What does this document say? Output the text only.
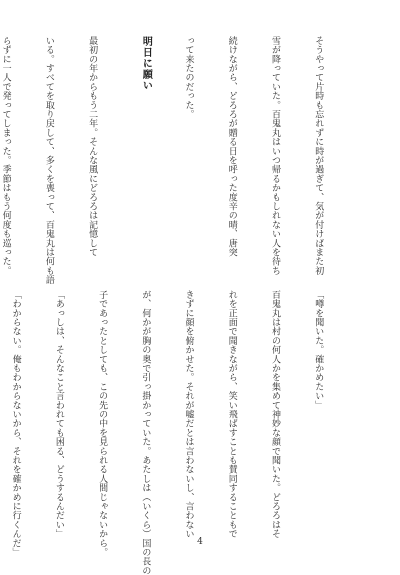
そうやって片時も忘れずに時が過ぎて、気が付けばまた初

雪が降っていた。百鬼丸はいつ帰るかもしれない人を待ち

続けながら、どろろが贈る日を呼った度辛の晴、唐突

って来たのだった。

明日に願い

最初の年からもう二年。そんな風にどろろは記憶して

いる。すべてを取り戻して、多くを喪って、百鬼丸は何も語

らずに一人で発ってしまった。季節はもう何度も巡った。

「噂を聞いた。確かめたい」

百鬼丸は村の何人かを集めて神妙な顔で聞いた。どろろはそ

れを正面で聞きながら、笑い飛ばすことも賛同することもで

きずに顔を俯かせた。それが嘘だとは言わないし、言わない

が、何かが胸の奥で引っ掛かっていた。あたしは（いくら）国の長の

子であったとしても、この先の中を見られる人間じゃないから。

「あっしは、そんなこと言われても困る、どうするんだい」

「わからない。俺もわからないから、それを確かめに行くんだ」

	4
